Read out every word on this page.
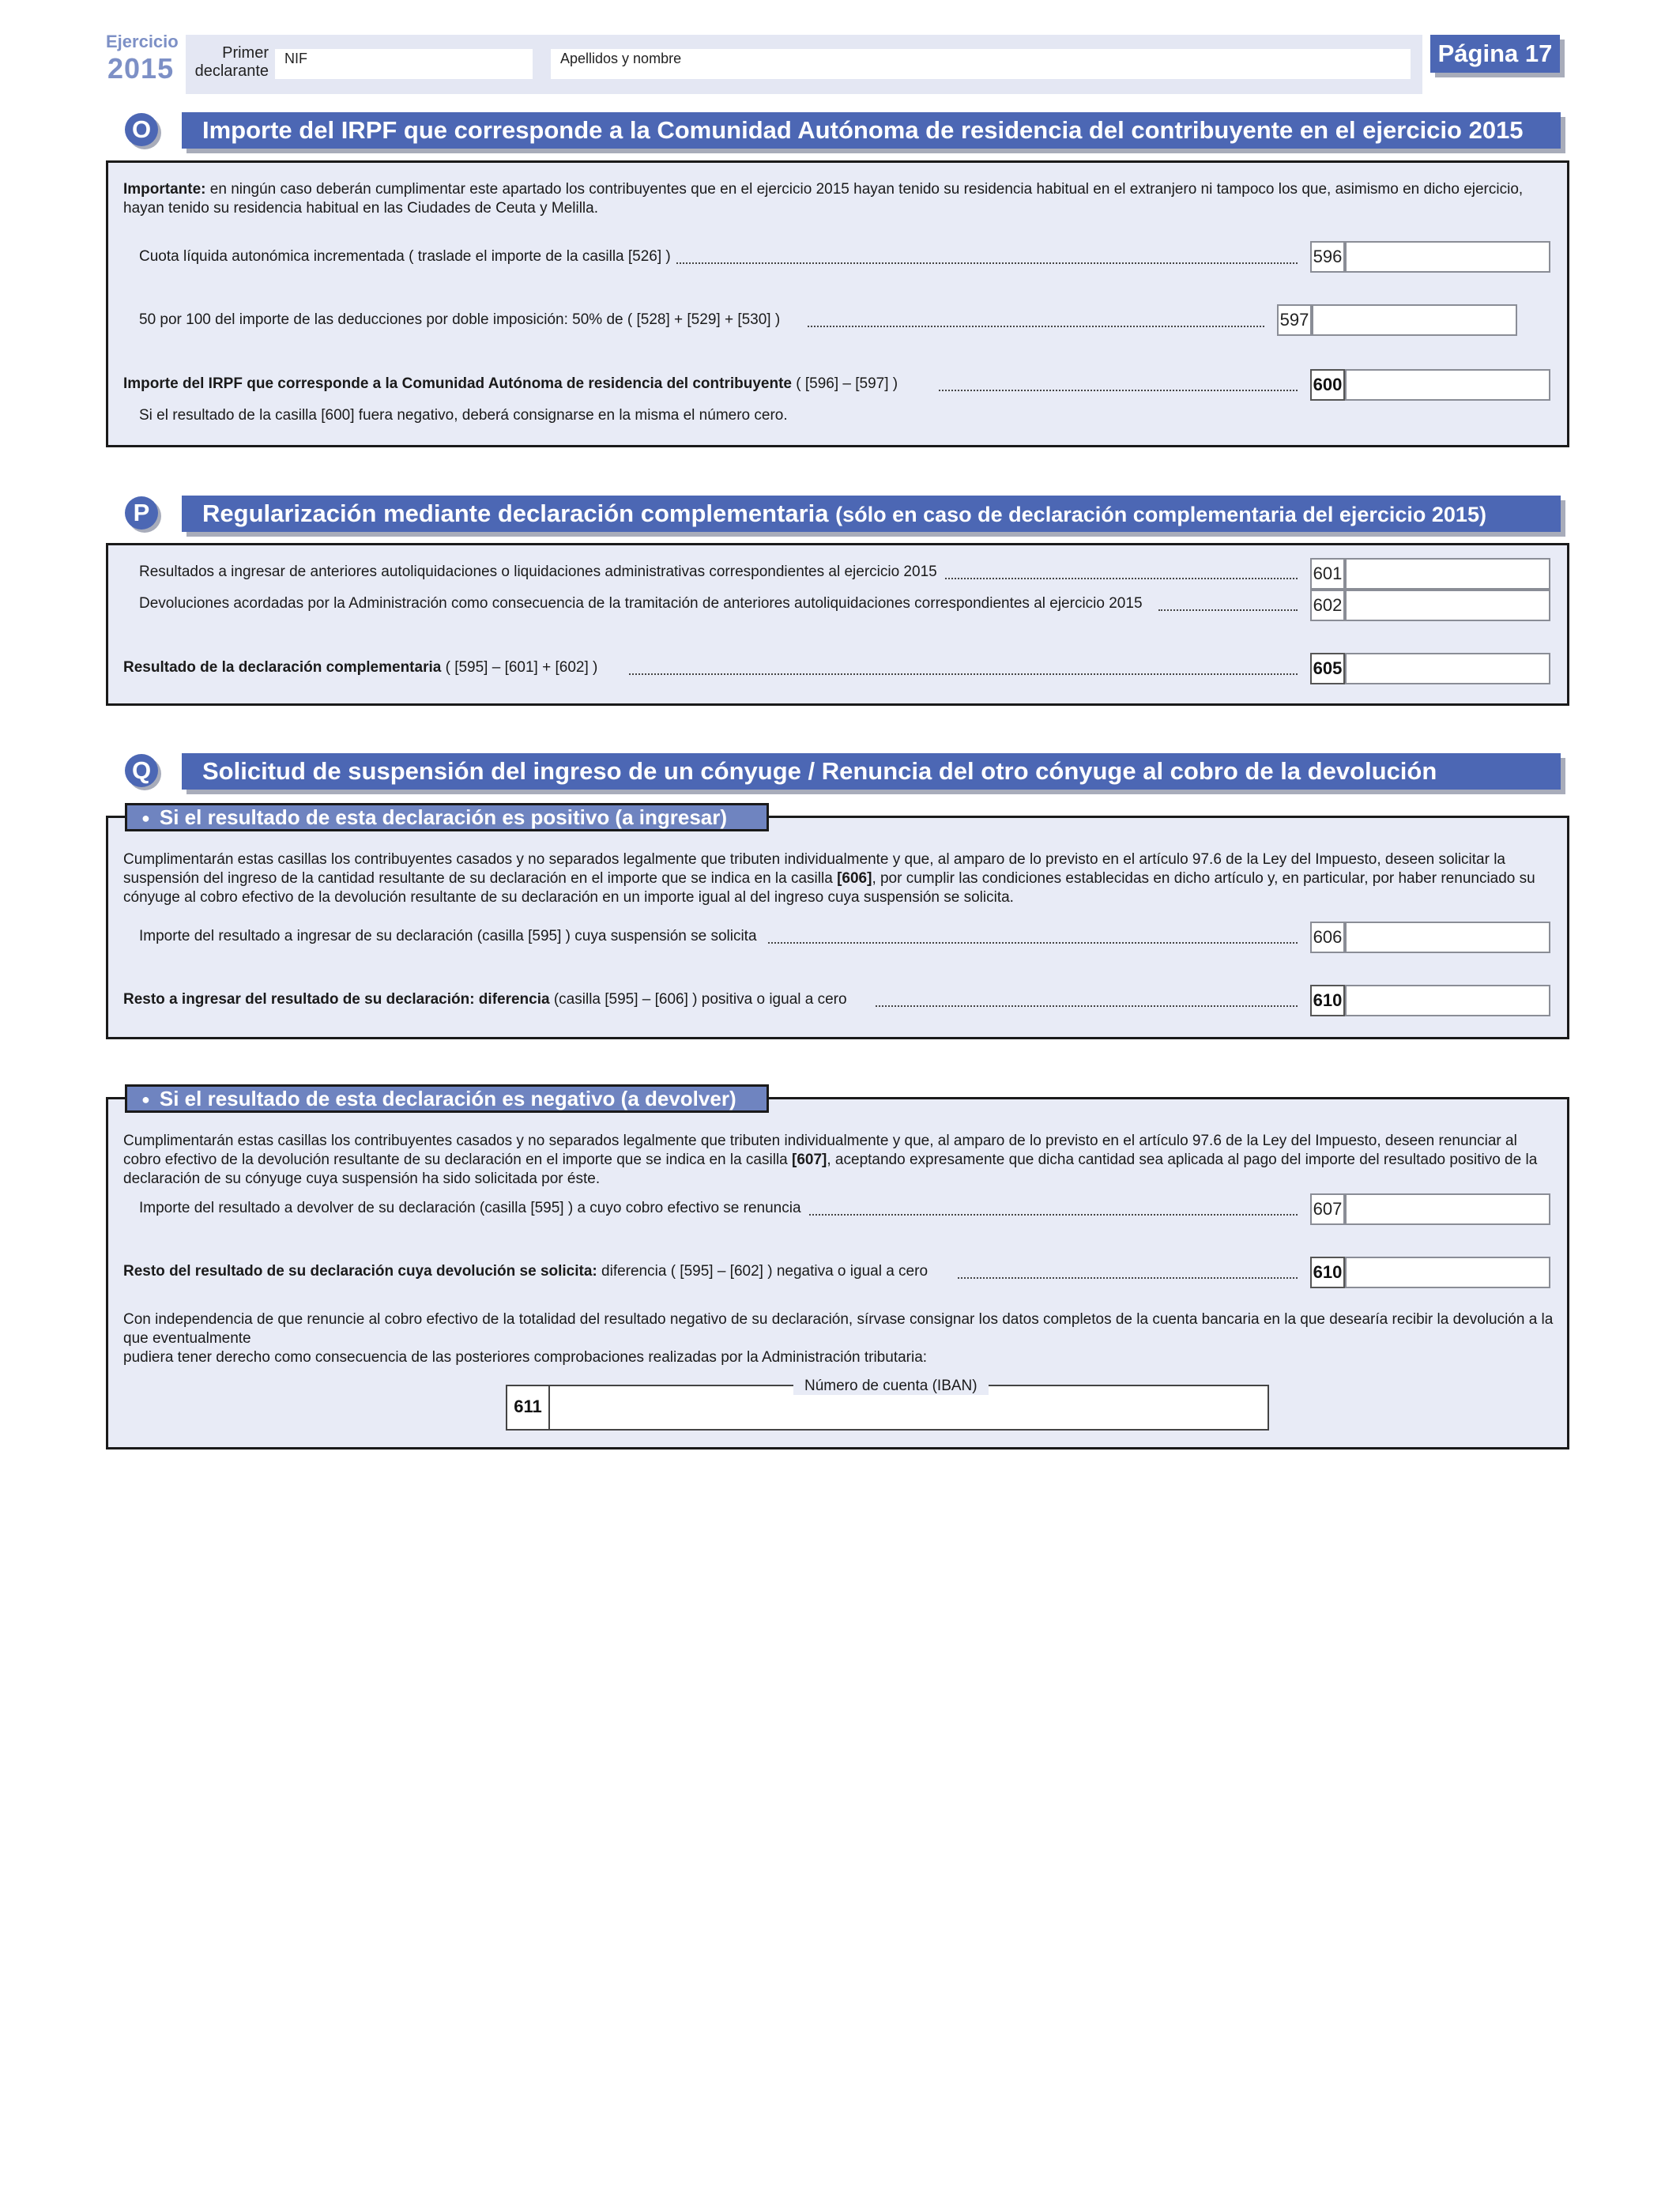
Ejercicio
2015	Primer
declarante
NIF	Apellidos y nombre	Página 17
O Importe del IRPF que corresponde a la Comunidad Autónoma de residencia del contribuyente en el ejercicio 2015
Importante: en ningún caso deberán cumplimentar este apartado los contribuyentes que en el ejercicio 2015 hayan tenido su residencia habitual en el extranjero ni tampoco los que, asimismo en dicho ejercicio,
hayan tenido su residencia habitual en las Ciudades de Ceuta y Melilla.
Cuota líquida autonómica incrementada ( traslade el importe de la casilla [526] )	596
50 por 100 del importe de las deducciones por doble imposición: 50% de ( [528] + [529] + [530] )	597
Importe del IRPF que corresponde a la Comunidad Autónoma de residencia del contribuyente ( [596] – [597] )	600
Si el resultado de la casilla [600] fuera negativo, deberá consignarse en la misma el número cero.
P	Regularización mediante declaración complementaria (sólo en caso de declaración complementaria del ejercicio 2015)
Resultados a ingresar de anteriores autoliquidaciones o liquidaciones administrativas correspondientes al ejercicio 2015	601
Devoluciones acordadas por la Administración como consecuencia de la tramitación de anteriores autoliquidaciones correspondientes al ejercicio 2015	602
Resultado de la declaración complementaria ( [595] – [601] + [602] )	605
Q Solicitud de suspensión del ingreso de un cónyuge / Renuncia del otro cónyuge al cobro de la devolución
● Si el resultado de esta declaración es positivo (a ingresar)
Cumplimentarán estas casillas los contribuyentes casados y no separados legalmente que tributen individualmente y que, al amparo de lo previsto en el artículo 97.6 de la Ley del Impuesto, deseen solicitar la
suspensión del ingreso de la cantidad resultante de su declaración en el importe que se indica en la casilla [606], por cumplir las condiciones establecidas en dicho artículo y, en particular, por haber renunciado su
cónyuge al cobro efectivo de la devolución resultante de su declaración en un importe igual al del ingreso cuya suspensión se solicita.
Importe del resultado a ingresar de su declaración (casilla [595] ) cuya suspensión se solicita	606
Resto a ingresar del resultado de su declaración: diferencia (casilla [595] – [606] ) positiva o igual a cero	610
● Si el resultado de esta declaración es negativo (a devolver)
Cumplimentarán estas casillas los contribuyentes casados y no separados legalmente que tributen individualmente y que, al amparo de lo previsto en el artículo 97.6 de la Ley del Impuesto, deseen renunciar al
cobro efectivo de la devolución resultante de su declaración en el importe que se indica en la casilla [607], aceptando expresamente que dicha cantidad sea aplicada al pago del importe del resultado positivo de la
declaración de su cónyuge cuya suspensión ha sido solicitada por éste.
Importe del resultado a devolver de su declaración (casilla [595] ) a cuyo cobro efectivo se renuncia	607
Resto del resultado de su declaración cuya devolución se solicita: diferencia ( [595] – [602] ) negativa o igual a cero	610
Con independencia de que renuncie al cobro efectivo de la totalidad del resultado negativo de su declaración, sírvase consignar los datos completos de la cuenta bancaria en la que desearía recibir la devolución a la que eventualmente
pudiera tener derecho como consecuencia de las posteriores comprobaciones realizadas por la Administración tributaria:
611
Número de cuenta (IBAN)
